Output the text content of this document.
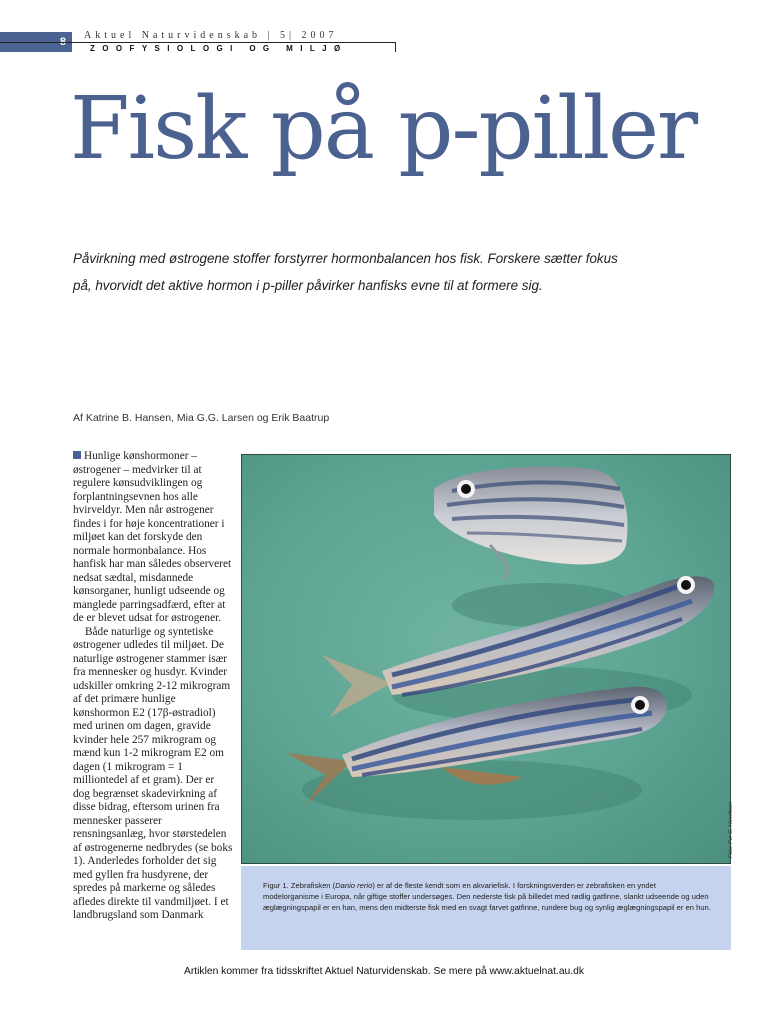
Aktuel Naturvidenskab | 5| 2007
ZOOFYSIOLOGI OG MILJØ
Fisk på p-piller

Påvirkning med østrogene stoffer forstyrrer hormonbalancen hos fisk. Forskere sætter fokus på, hvorvidt det aktive hormon i p-piller påvirker hanfisks evne til at formere sig.

Af Katrine B. Hansen, Mia G.G. Larsen og Erik Baatrup

Hunlige kønshormoner – østrogener – medvirker til at regulere kønsudviklingen og forplantningsevnen hos alle hvirveldyr. Men når østrogener findes i for høje koncentrationer i miljøet kan det forskyde den normale hormonbalance. Hos hanfisk har man således observeret nedsat sædtal, misdannede kønsorganer, hunligt udseende og manglede parringsadfærd, efter at de er blevet udsat for østrogener.

Både naturlige og syntetiske østrogener udledes til miljøet. De naturlige østrogener stammer især fra mennesker og husdyr. Kvinder udskiller omkring 2-12 mikrogram af det primære hunlige kønshormon E2 (17β-østradiol) med urinen om dagen, gravide kvinder hele 257 mikrogram og mænd kun 1-2 mikrogram E2 om dagen (1 mikrogram = 1 milliontedel af et gram). Der er dog begrænset skadevirkning af disse bidrag, eftersom urinen fra mennesker passerer rensningsanlæg, hvor størstedelen af østrogenerne nedbrydes (se boks 1). Anderledes forholder det sig med gyllen fra husdyrene, der spredes på markerne og således afledes direkte til vandmiljøet. I et landbrugsland som Danmark

Foto: Per G. Henriksen
Figur 1. Zebrafisken (Danio rerio) er af de fleste kendt som en akvariefisk. I forskningsverden er zebrafisken en yndet modelorganisme i Europa, når giftige stoffer undersøges. Den nederste fisk på billedet med rødlig gatfinne, slankt udseende og uden æglægningspapil er en han, mens den midterste fisk med en svagt farvet gatfinne, rundere bug og synlig æglægningspapil er en hun.
Artiklen kommer fra tidsskriftet Aktuel Naturvidenskab. Se mere på www.aktuelnat.au.dk
